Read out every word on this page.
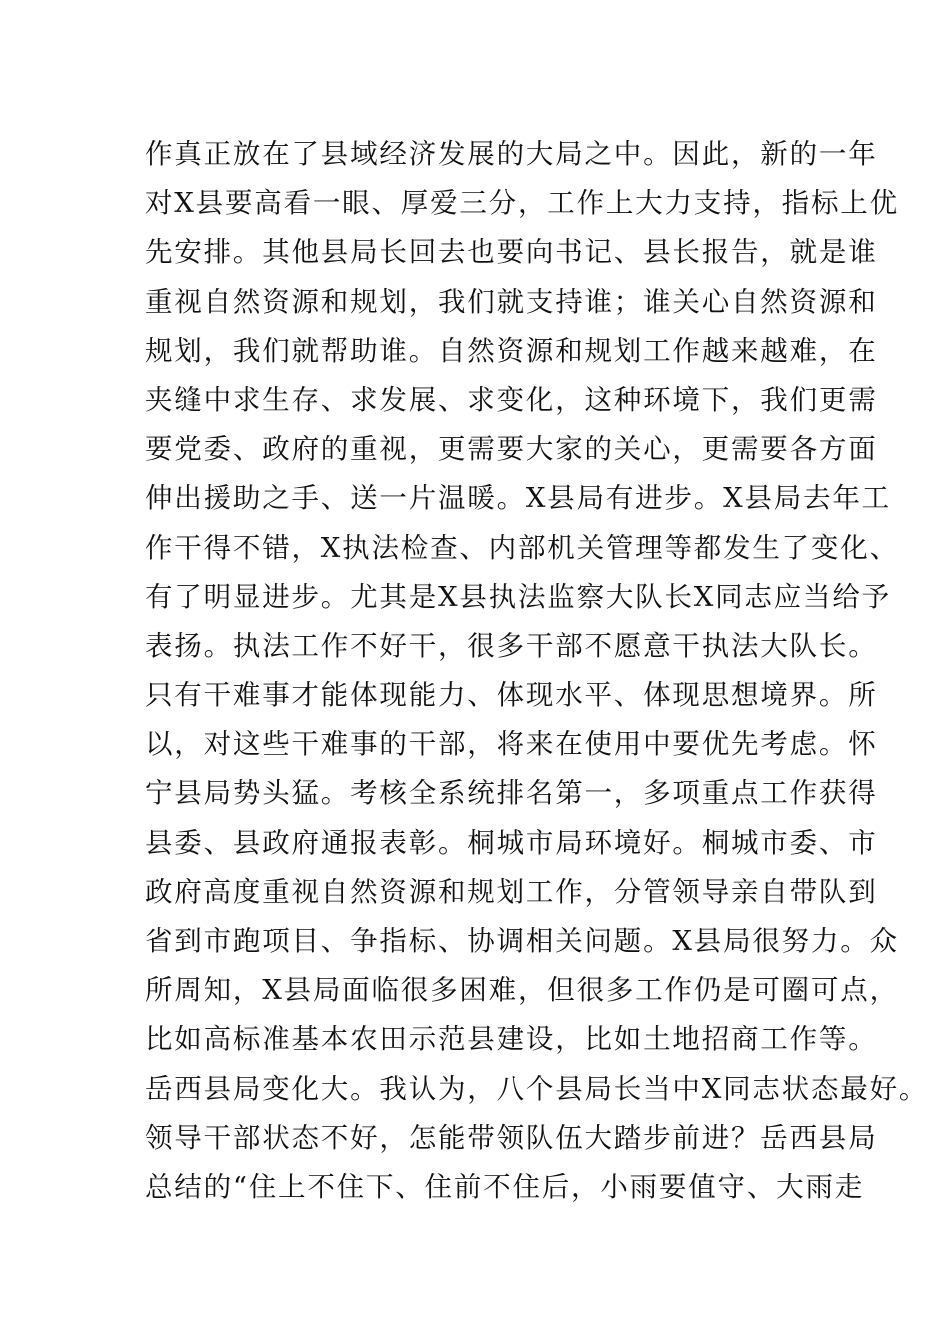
作真正放在了县域经济发展的大局之中。因此，新的一年
对X县要高看一眼、厚爱三分，工作上大力支持，指标上优
先安排。其他县局长回去也要向书记、县长报告，就是谁
重视自然资源和规划，我们就支持谁；谁关心自然资源和
规划，我们就帮助谁。自然资源和规划工作越来越难，在
夹缝中求生存、求发展、求变化，这种环境下，我们更需
要党委、政府的重视，更需要大家的关心，更需要各方面
伸出援助之手、送一片温暖。X县局有进步。X县局去年工
作干得不错，X执法检查、内部机关管理等都发生了变化、
有了明显进步。尤其是X县执法监察大队长X同志应当给予
表扬。执法工作不好干，很多干部不愿意干执法大队长。
只有干难事才能体现能力、体现水平、体现思想境界。所
以，对这些干难事的干部，将来在使用中要优先考虑。怀
宁县局势头猛。考核全系统排名第一，多项重点工作获得
县委、县政府通报表彰。桐城市局环境好。桐城市委、市
政府高度重视自然资源和规划工作，分管领导亲自带队到
省到市跑项目、争指标、协调相关问题。X县局很努力。众
所周知，X县局面临很多困难，但很多工作仍是可圈可点，
比如高标准基本农田示范县建设，比如土地招商工作等。
岳西县局变化大。我认为，八个县局长当中X同志状态最好。
领导干部状态不好，怎能带领队伍大踏步前进？岳西县局
总结的“住上不住下、住前不住后，小雨要值守、大雨走
